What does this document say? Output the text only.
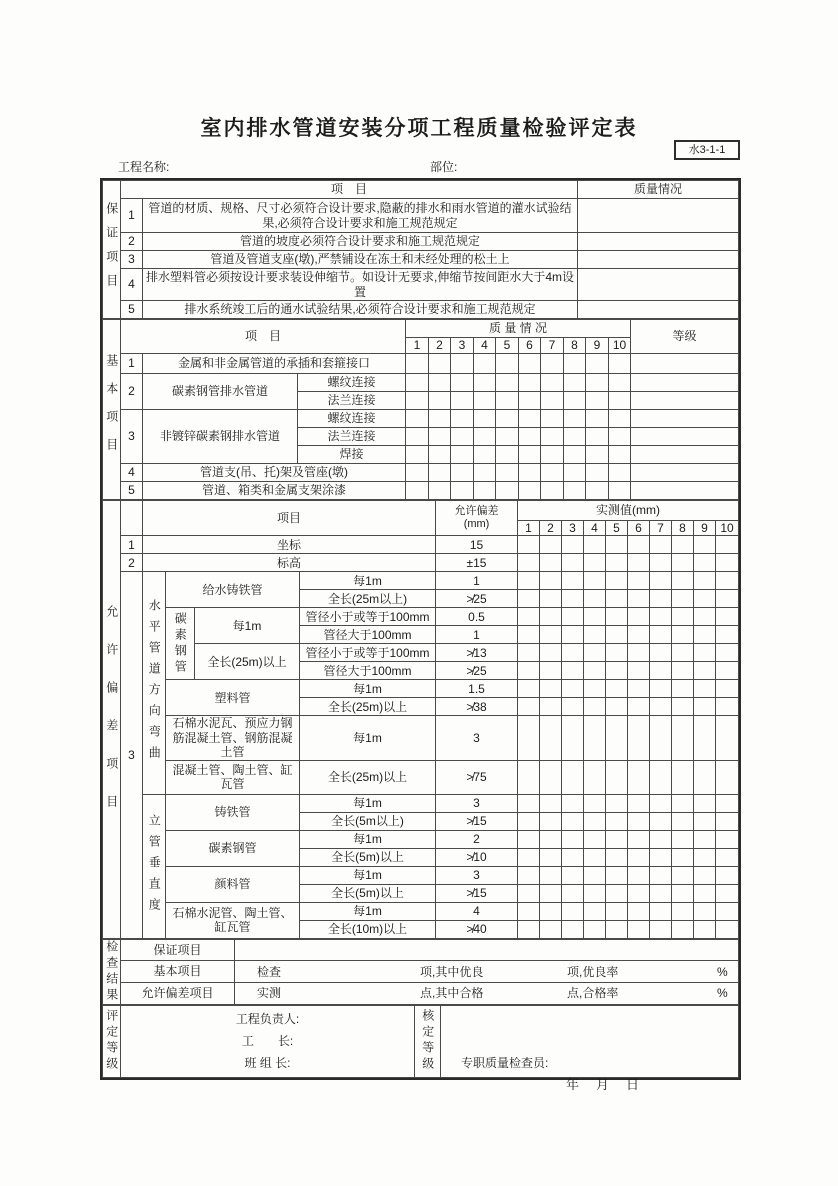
室内排水管道安装分项工程质量检验评定表
水3-1-1
工程名称:	部位:
保证项目	项　目		质量情况
	1	管道的材质、规格、尺寸必须符合设计要求,隐蔽的排水和雨水管道的灌水试验结果,必须符合设计要求和施工规范规定	
	2	管道的坡度必须符合设计要求和施工规范规定	
	3	管道及管道支座(墩),严禁铺设在冻土和未经处理的松土上	
	4	排水塑料管必须按设计要求装设伸缩节。如设计无要求,伸缩节按间距水大于4m设置	
	5	排水系统竣工后的通水试验结果,必须符合设计要求和施工规范规定	
基本项目	项　目			质 量 情 况										等级
				1	2	3	4	5	6	7	8	9	10	
	1	金属和非金属管道的承插和套箍接口												
	2	碳素钢管排水管道	螺纹连接											
			法兰连接											
	3	非镀锌碳素钢排水管道	螺纹连接											
			法兰连接											
			焊接											
	4	管道支(吊、托)架及管座(墩)												
	5	管道、箱类和金属支架涂漆												
允许偏差项目		项目				允许偏差
(mm)	实测值(mm)									
							1	2	3	4	5	6	7	8	9	10
	1	坐标				15										
	2	标高				±15										
	3	水平管道方向弯曲	给水铸铁管		每1m	1										
					全长(25m以上)	≯25										
			碳素钢管	每1m	管径小于或等于100mm	0.5										
					管径大于100mm	1										
				全长(25m)以上	管径小于或等于100mm	≯13										
					管径大于100mm	≯25										
			塑料管		每1m	1.5										
					全长(25m)以上	≯38										
			石棉水泥瓦、预应力钢筋混凝土管、钢筋混凝土管		每1m	3										
			混凝土管、陶土管、缸瓦管		全长(25m)以上	≯75										
		立管垂直度	铸铁管		每1m	3										
					全长(5m以上)	≯15										
			碳素钢管		每1m	2										
					全长(5m)以上	≯10										
			颜料管		每1m	3										
					全长(5m)以上	≯15										
			石棉水泥管、陶土管、缸瓦管		每1m	4										
					全长(10m)以上	≯40										
检查结果	保证项目	
	基本项目	检查 项,其中优良 项,优良率 %

	允许偏差项目	实测 点,其中合格 点,合格率 %
评定等级	工程负责人:
工　　长:
班 组 长:	核定等级	专职质量检查员:
年　月　日
